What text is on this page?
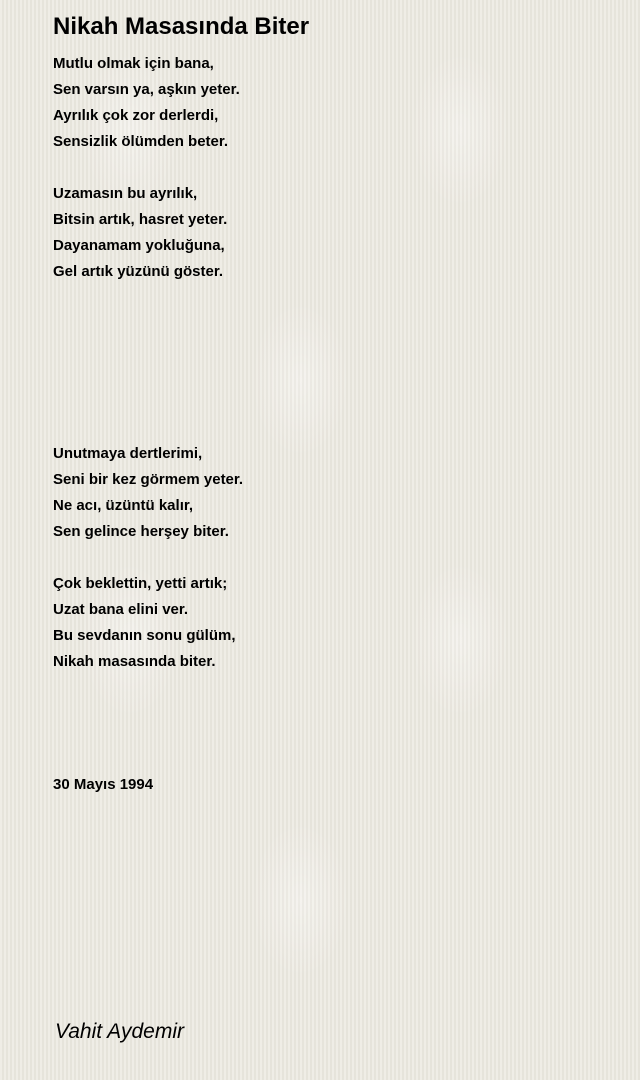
Nikah Masasında Biter
Mutlu olmak için bana,
Sen varsın ya, aşkın yeter.
Ayrılık çok zor derlerdi,
Sensizlik ölümden beter.
Uzamasın bu ayrılık,
Bitsin artık, hasret yeter.
Dayanamam yokluğuna,
Gel artık yüzünü göster.
Unutmaya dertlerimi,
Seni bir kez görmem yeter.
Ne acı, üzüntü kalır,
Sen gelince herşey biter.
Çok beklettin, yetti artık;
Uzat bana elini ver.
Bu sevdanın sonu gülüm,
Nikah masasında biter.
30 Mayıs 1994
Vahit Aydemir
